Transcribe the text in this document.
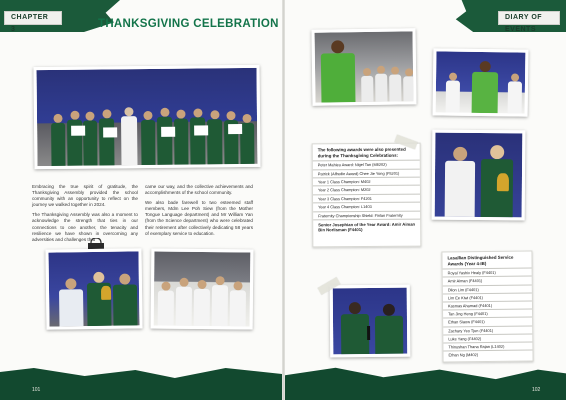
CHAPTER 3
DIARY OF EVENTS
THANKSGIVING CELEBRATION

Embracing the true spirit of gratitude, the Thanksgiving Assembly provided the school community with an opportunity to reflect on the journey we walked together in 2024.

The Thanksgiving Assembly was also a moment to acknowledge the strength that ties in our connections to one another, the tenacity and resilience we have shown in overcoming any adversities and challenges that

came our way, and the collective achievements and accomplishments of the school community.

We also bade farewell to two esteemed staff members, Mdm Lee Poh Siew (from the Mother Tongue Language department) and Mr William Yan (from the Science department) who were celebrated their retirement after collectively dedicating 58 years of exemplary service to education.

The following awards were also presented during the Thanksgiving Celebrations:
Peter Mahieu Award: Nigel Tan (M6202)
Patrick (Alfredie Award) Chee Jie Yong (F5201)
Year 1 Class Champion: M402
Year 2 Class Champion: M202
Year 3 Class Champion: F4201
Year 4 Class Champion: L1403
Fraternity Championship Shield: Finlan Fraternity
Senior Josephian of the Year Award: Amir Aiman Bin Norlisman (F4401)
Lasallian Distinguished Service Awards (Year 4-IB)
Royal Yashiv Healy (F4401)
Amir Aiman (F4401)
Dilon Lim (F4401)
Lim Ee Kiwi (F4401)
Kasmas Ahamad (F4401)
Tan Jing Heng (F4401)
Ethan Siaow (F4401)
Zachary Yeo Tjun (F4401)
Luke Yang (F4402)
Thinushan Thana Rajan (L1402)
Ethan Ng (M402)
101	102
